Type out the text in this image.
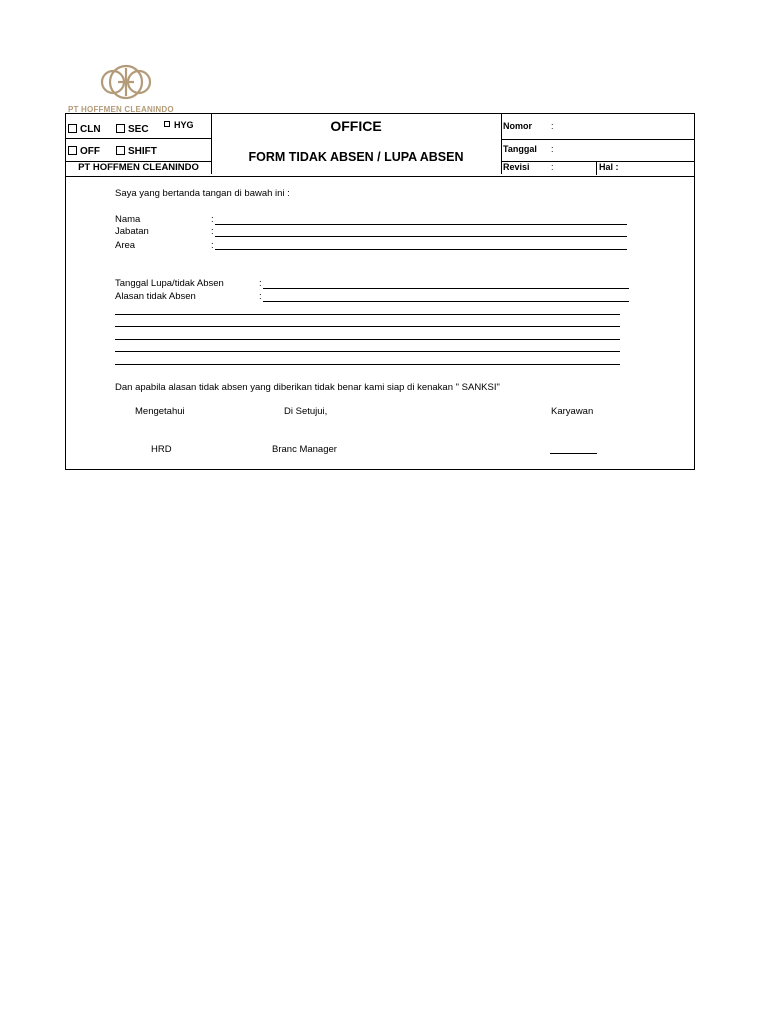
PT HOFFMEN CLEANINDO
CLN	SEC	HYG
OFF	SHIFT
PT HOFFMEN CLEANINDO
OFFICE
FORM TIDAK ABSEN / LUPA ABSEN
Nomor :
Tanggal :
Revisi :	Hal :
Saya yang bertanda tangan di bawah ini :
Nama	:
Jabatan	:
Area	:
Tanggal Lupa/tidak Absen	:
Alasan tidak Absen	:
Dan apabila alasan tidak absen yang diberikan tidak benar kami siap di kenakan " SANKSI"
Mengetahui	Di Setujui,	Karyawan
HRD	Branc Manager
